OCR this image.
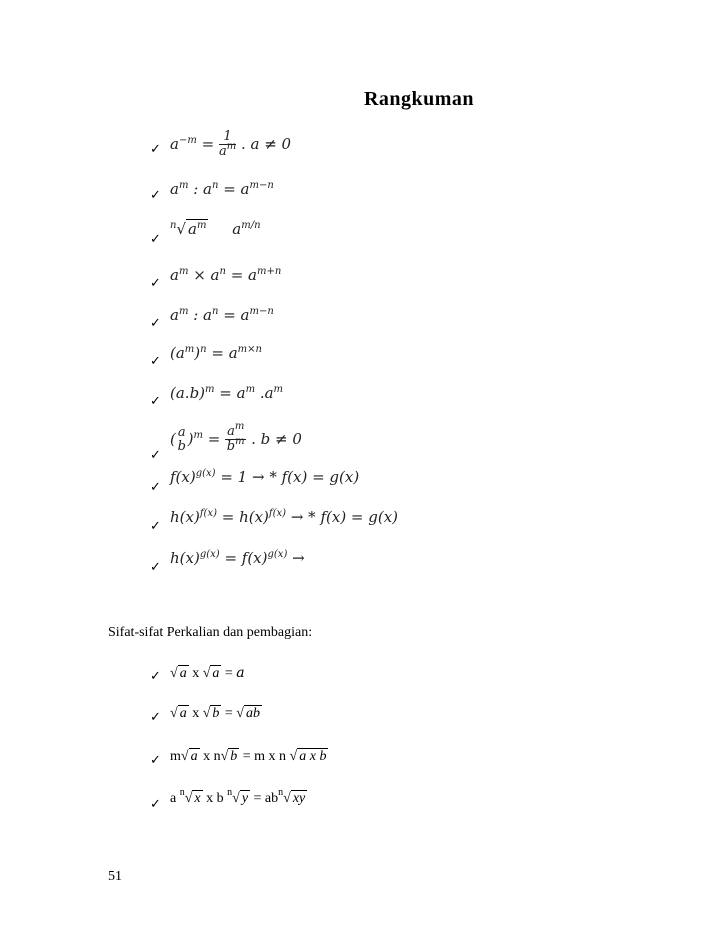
Rangkuman
✓ $a^{-m} = \frac{1}{a^m}$ . a ≠ 0
✓ $a^m$ : $a^n = a^{m-n}$
✓
$^n$√ $a^m$     $a^{m/n}$
✓ $a^m \times a^n = a^{m+n}$
✓ $a^m$ : $a^n = a^{m-n}$
✓ $(a^m)^n = a^{m\times n}$
✓ $(a.b)^m = a^m$ $.a^m$
✓
( a
b )$^m = \frac{a^m}{b^m}$ . b ≠ 0
✓
$f(x)^{g(x)} = 1$ → * f(x) = g(x)
✓
$h(x)^{f(x)} = h(x)^{f(x)}$ → * f(x) = g(x)
✓
$h(x)^{g(x)} = f(x)^{g(x)}$ →
Sifat-sifat Perkalian dan pembagian:
✓ √ a x √ a = a
✓ √ a x √ b = √ ab
✓ m√ a x n√ b = m x n √ a x b
✓ a $^n$√ x x b $^n$√ $y = ab^n√$ xy
51
